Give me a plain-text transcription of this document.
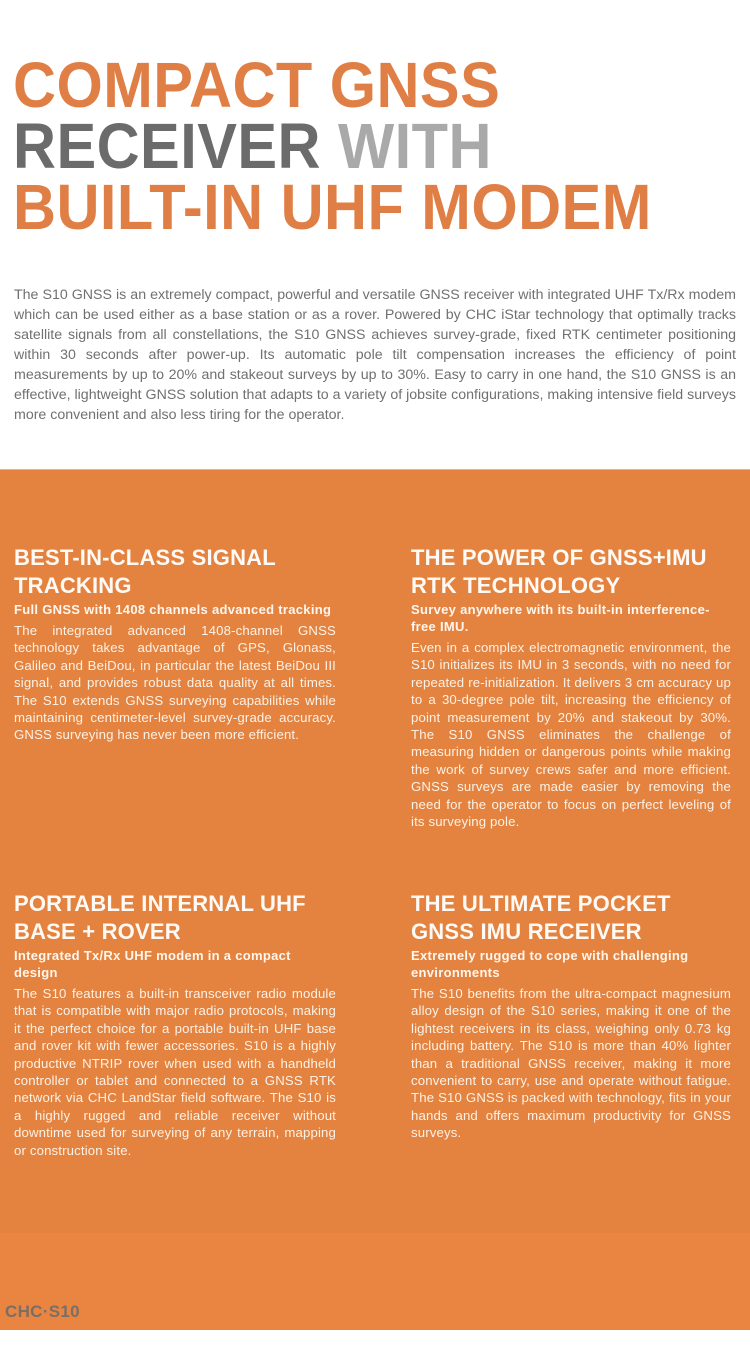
COMPACT GNSS
RECEIVER WITH
BUILT-IN UHF MODEM

The S10 GNSS is an extremely compact, powerful and versatile GNSS receiver with integrated UHF Tx/Rx modem which can be used either as a base station or as a rover. Powered by CHC iStar technology that optimally tracks satellite signals from all constellations, the S10 GNSS achieves survey-grade, fixed RTK centimeter positioning within 30 seconds after power-up. Its automatic pole tilt compensation increases the efficiency of point measurements by up to 20% and stakeout surveys by up to 30%. Easy to carry in one hand, the S10 GNSS is an effective, lightweight GNSS solution that adapts to a variety of jobsite configurations, making intensive field surveys more convenient and also less tiring for the operator.

BEST-IN-CLASS SIGNAL TRACKING
Full GNSS with 1408 channels advanced tracking

The integrated advanced 1408-channel GNSS technology takes advantage of GPS, Glonass, Galileo and BeiDou, in particular the latest BeiDou III signal, and provides robust data quality at all times. The S10 extends GNSS surveying capabilities while maintaining centimeter-level survey-grade accuracy. GNSS surveying has never been more efficient.

THE POWER OF GNSS+IMU RTK TECHNOLOGY
Survey anywhere with its built-in interference-free IMU.

Even in a complex electromagnetic environment, the S10 initializes its IMU in 3 seconds, with no need for repeated re-initialization. It delivers 3 cm accuracy up to a 30-degree pole tilt, increasing the efficiency of point measurement by 20% and stakeout by 30%. The S10 GNSS eliminates the challenge of measuring hidden or dangerous points while making the work of survey crews safer and more efficient. GNSS surveys are made easier by removing the need for the operator to focus on perfect leveling of its surveying pole.

PORTABLE INTERNAL UHF BASE + ROVER
Integrated Tx/Rx UHF modem in a compact design

The S10 features a built-in transceiver radio module that is compatible with major radio protocols, making it the perfect choice for a portable built-in UHF base and rover kit with fewer accessories. S10 is a highly productive NTRIP rover when used with a handheld controller or tablet and connected to a GNSS RTK network via CHC LandStar field software. The S10 is a highly rugged and reliable receiver without downtime used for surveying of any terrain, mapping or construction site.

THE ULTIMATE POCKET GNSS IMU RECEIVER
Extremely rugged to cope with challenging environments

The S10 benefits from the ultra-compact magnesium alloy design of the S10 series, making it one of the lightest receivers in its class, weighing only 0.73 kg including battery. The S10 is more than 40% lighter than a traditional GNSS receiver, making it more convenient to carry, use and operate without fatigue. The S10 GNSS is packed with technology, fits in your hands and offers maximum productivity for GNSS surveys.

CHC·S10
